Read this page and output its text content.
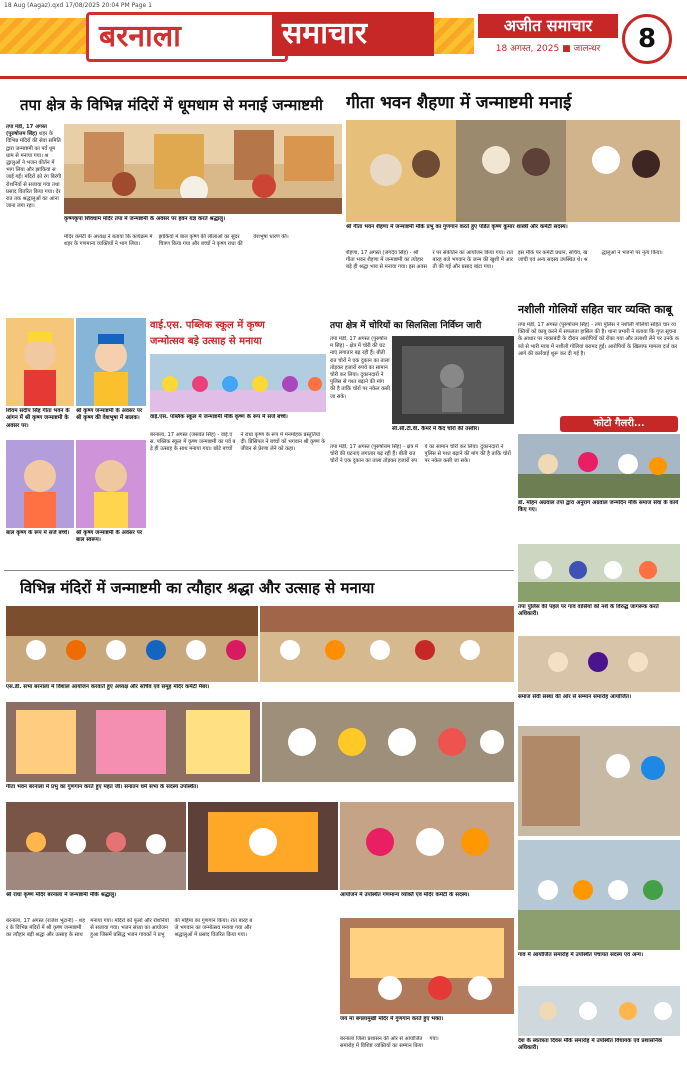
18 Aug (Aagaz).qxd 17/08/2025 20:04 PM Page 1
बरनाला	समाचार	अजीत समाचार
18 अगस्त, 2025 ■ जालन्धर	8
तपा क्षेत्र के विभिन्न मंदिरों में धूमधाम से मनाई जन्माष्टमी
तपा मंडी, 17 अगस्त (पुरुषोत्तम सिंह) शहर के विभिन्न मंदिरों की सेवा समिति द्वारा जन्माष्टमी का पर्व धूमधाम से मनाया गया। श्रद्धालुओं ने भजन कीर्तन में भाग लिया और झांकियां सजाई गईं। मंदिरों को रंग बिरंगी रोशनियों से सजाया गया तथा प्रसाद वितरित किया गया। देर रात तक श्रद्धालुओं का आना जाना लगा रहा।
कृष्णकृपा शिवधाम मंदिर तपा में जन्माष्टमी के अवसर पर हवन यज्ञ करते श्रद्धालु।
मंदिर कमेटी के अध्यक्ष ने बताया कि कार्यक्रम में शहर के गणमान्य व्यक्तियों ने भाग लिया। झांकियों में बाल कृष्ण की लीलाओं का सुंदर चित्रण किया गया और बच्चों ने कृष्ण राधा की वेशभूषा धारण की।
गीता भवन शैहणा में जन्माष्टमी मनाई
श्री गीता भवन शैहणा में जन्माष्टमी मौके प्रभु का गुणगान करते हुए पंडित कृष्ण कुमार शास्त्री और कमेटी सदस्य।
शैहणा, 17 अगस्त (जगदेव सिंह) - श्री गीता भवन शैहणा में जन्माष्टमी का त्योहार बड़े ही श्रद्धा भाव से मनाया गया। इस अवसर पर संकीर्तन का आयोजन किया गया। रात बारह बजे भगवान के जन्म की खुशी में आरती की गई और प्रसाद बांटा गया।
इस मौके पर कमेटी प्रधान, सचिव, खजांची एवं अन्य सदस्य उपस्थित थे। श्रद्धालुओं ने भजनों पर नृत्य किया।
नशीली गोलियों सहित चार व्यक्ति काबू
तपा मंडी, 17 अगस्त (पुरुषोत्तम सिंह) - तपा पुलिस ने नशीली गोलियों सहित चार व्यक्तियों को काबू करने में सफलता हासिल की है। थाना प्रभारी ने बताया कि गुप्त सूचना के आधार पर नाकाबंदी के दौरान आरोपियों को रोका गया और तलाशी लेने पर उनके कब्जे से भारी मात्रा में नशीली गोलियां बरामद हुईं। आरोपियों के खिलाफ मामला दर्ज कर आगे की कार्रवाई शुरू कर दी गई है।
फोटो गैलरी...
डॉ. मोहन अग्रवाल तपा द्वारा अनुराग अग्रवाल जन्मदिन मौके समाज सेवा के कार्य किए गए।
तपा पुलिस की पहल पर गांव वासियों को नशे के विरुद्ध जागरूक करते अधिकारी।
समाज सेवी संस्था की ओर से सम्मान समारोह आयोजित।
गांव में आयोजित समारोह में उपस्थित पंचायत सदस्य एवं अन्य।
देश के स्वतंत्रता दिवस मौके समारोह में उपस्थित विधायक एवं प्रशासनिक अधिकारी।
शिवम संदीप सिंह गीता भवन के आंगन में श्री कृष्ण जन्माष्टमी के अवसर पर।
श्री कृष्ण जन्माष्टमी के अवसर पर श्री कृष्ण की वेशभूषा में बालक।
बाल कृष्ण के रूप में सजे बच्चे।	श्री कृष्ण जन्माष्टमी के अवसर पर बाल स्वरूप।
वाई.एस. पब्लिक स्कूल में कृष्ण
जन्मोत्सव बड़े उत्साह से मनाया
वाई.एस. पब्लिक स्कूल में जन्माष्टमी मौके कृष्ण के रूप में सजे बच्चे।
बरनाला, 17 अगस्त (जसवंत सिंह) - वाई.एस. पब्लिक स्कूल में कृष्ण जन्माष्टमी का पर्व बड़े ही उत्साह के साथ मनाया गया। छोटे बच्चों ने राधा कृष्ण के रूप में मनमोहक प्रस्तुतियां दीं। प्रिंसिपल ने बच्चों को भगवान श्री कृष्ण के जीवन से प्रेरणा लेने को कहा।
तपा क्षेत्र में चोरियों का सिलसिला निर्विघ्न जारी
तपा मंडी, 17 अगस्त (पुरुषोत्तम सिंह) - क्षेत्र में चोरी की घटनाएं लगातार बढ़ रही हैं। बीती रात चोरों ने एक दुकान का ताला तोड़कर हजारों रुपये का सामान चोरी कर लिया। दुकानदारों ने पुलिस से गश्त बढ़ाने की मांग की है ताकि चोरों पर नकेल कसी जा सके।
सी.सी.टी.वी. कैमरे में कैद चोरों की तस्वीर।
तपा मंडी, 17 अगस्त (पुरुषोत्तम सिंह) - क्षेत्र में चोरी की घटनाएं लगातार बढ़ रही हैं। बीती रात चोरों ने एक दुकान का ताला तोड़कर हजारों रुपये का सामान चोरी कर लिया। दुकानदारों ने पुलिस से गश्त बढ़ाने की मांग की है ताकि चोरों पर नकेल कसी जा सके।
विभिन्न मंदिरों में जन्माष्टमी का त्यौहार श्रद्धा और उत्साह से मनाया
एस.डी. सभा बरनाला में विशाल आयोजन करवाते हुए अध्यक्ष और सचिव एवं समूह मंदिर कमेटी मैंबर।
गीता भवन बरनाला में प्रभु का गुणगान करते हुए महंत जी। सनातन धर्म सभा के सदस्य उपस्थित।
श्री राधा कृष्ण मंदिर बरनाला में जन्माष्टमी मौके श्रद्धालु।	आयोजन में उपस्थित गणमान्य व्यक्ति एवं मंदिर कमेटी के सदस्य।
बरनाला, 17 अगस्त (राजेश भूटानी) - शहर के विभिन्न मंदिरों में श्री कृष्ण जन्माष्टमी का त्यौहार बड़ी श्रद्धा और उत्साह के साथ मनाया गया। मंदिरों को फूलों और रोशनियों से सजाया गया। भजन संध्या का आयोजन हुआ जिसमें प्रसिद्ध भजन गायकों ने प्रभु की महिमा का गुणगान किया। रात बारह बजे भगवान का जन्मोत्सव मनाया गया और श्रद्धालुओं में प्रसाद वितरित किया गया।
जय मां बगलामुखी मंदिर में गुणगान करते हुए भक्त।
बरनाला जिला प्रशासन की ओर से आयोजित समारोह में विशिष्ट व्यक्तियों का सम्मान किया गया।
